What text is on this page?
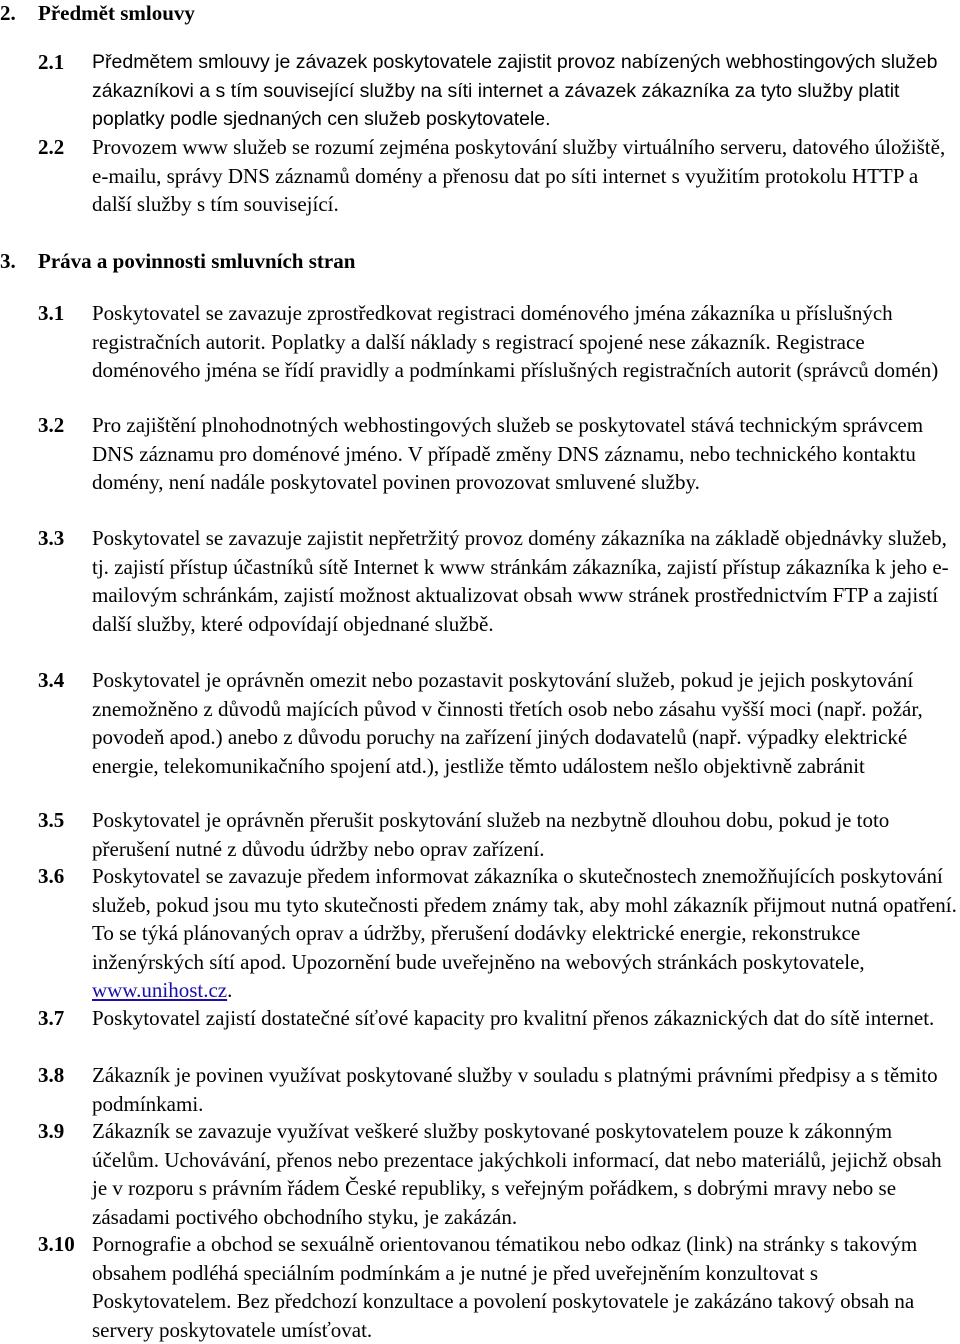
2. Předmět smlouvy
2.1 Předmětem smlouvy je závazek poskytovatele zajistit provoz nabízených webhostingových služeb zákazníkovi a s tím související služby na síti internet a závazek zákazníka za tyto služby platit poplatky podle sjednaných cen služeb poskytovatele.
2.2 Provozem www služeb se rozumí zejména poskytování služby virtuálního serveru, datového úložiště, e-mailu, správy DNS záznamů domény a přenosu dat po síti internet s využitím protokolu HTTP a další služby s tím související.
3. Práva a povinnosti smluvních stran
3.1 Poskytovatel se zavazuje zprostředkovat registraci doménového jména zákazníka u příslušných registračních autorit. Poplatky a další náklady s registrací spojené nese zákazník. Registrace doménového jména se řídí pravidly a podmínkami příslušných registračních autorit (správců domén)
3.2 Pro zajištění plnohodnotných webhostingových služeb se poskytovatel stává technickým správcem DNS záznamu pro doménové jméno. V případě změny DNS záznamu, nebo technického kontaktu domény, není nadále poskytovatel povinen provozovat smluvené služby.
3.3 Poskytovatel se zavazuje zajistit nepřetržitý provoz domény zákazníka na základě objednávky služeb, tj. zajistí přístup účastníků sítě Internet k www stránkám zákazníka, zajistí přístup zákazníka k jeho e-mailovým schránkám, zajistí možnost aktualizovat obsah www stránek prostřednictvím FTP a zajistí další služby, které odpovídají objednané službě.
3.4 Poskytovatel je oprávněn omezit nebo pozastavit poskytování služeb, pokud je jejich poskytování znemožněno z důvodů majících původ v činnosti třetích osob nebo zásahu vyšší moci (např. požár, povodeň apod.) anebo z důvodu poruchy na zařízení jiných dodavatelů (např. výpadky elektrické energie, telekomunikačního spojení atd.), jestliže těmto událostem nešlo objektivně zabránit
3.5 Poskytovatel je oprávněn přerušit poskytování služeb na nezbytně dlouhou dobu, pokud je toto přerušení nutné z důvodu údržby nebo oprav zařízení.
3.6 Poskytovatel se zavazuje předem informovat zákazníka o skutečnostech znemožňujících poskytování služeb, pokud jsou mu tyto skutečnosti předem známy tak, aby mohl zákazník přijmout nutná opatření. To se týká plánovaných oprav a údržby, přerušení dodávky elektrické energie, rekonstrukce inženýrských sítí apod. Upozornění bude uveřejněno na webových stránkách poskytovatele, www.unihost.cz.
3.7 Poskytovatel zajistí dostatečné síťové kapacity pro kvalitní přenos zákaznických dat do sítě internet.
3.8 Zákazník je povinen využívat poskytované služby v souladu s platnými právními předpisy a s těmito podmínkami.
3.9 Zákazník se zavazuje využívat veškeré služby poskytované poskytovatelem pouze k zákonným účelům. Uchovávání, přenos nebo prezentace jakýchkoli informací, dat nebo materiálů, jejichž obsah je v rozporu s právním řádem České republiky, s veřejným pořádkem, s dobrými mravy nebo se zásadami poctivého obchodního styku, je zakázán.
3.10 Pornografie a obchod se sexuálně orientovanou tématikou nebo odkaz (link) na stránky s takovým obsahem podléhá speciálním podmínkám a je nutné je před uveřejněním konzultovat s Poskytovatelem. Bez předchozí konzultace a povolení poskytovatele je zakázáno takový obsah na servery poskytovatele umísťovat.
